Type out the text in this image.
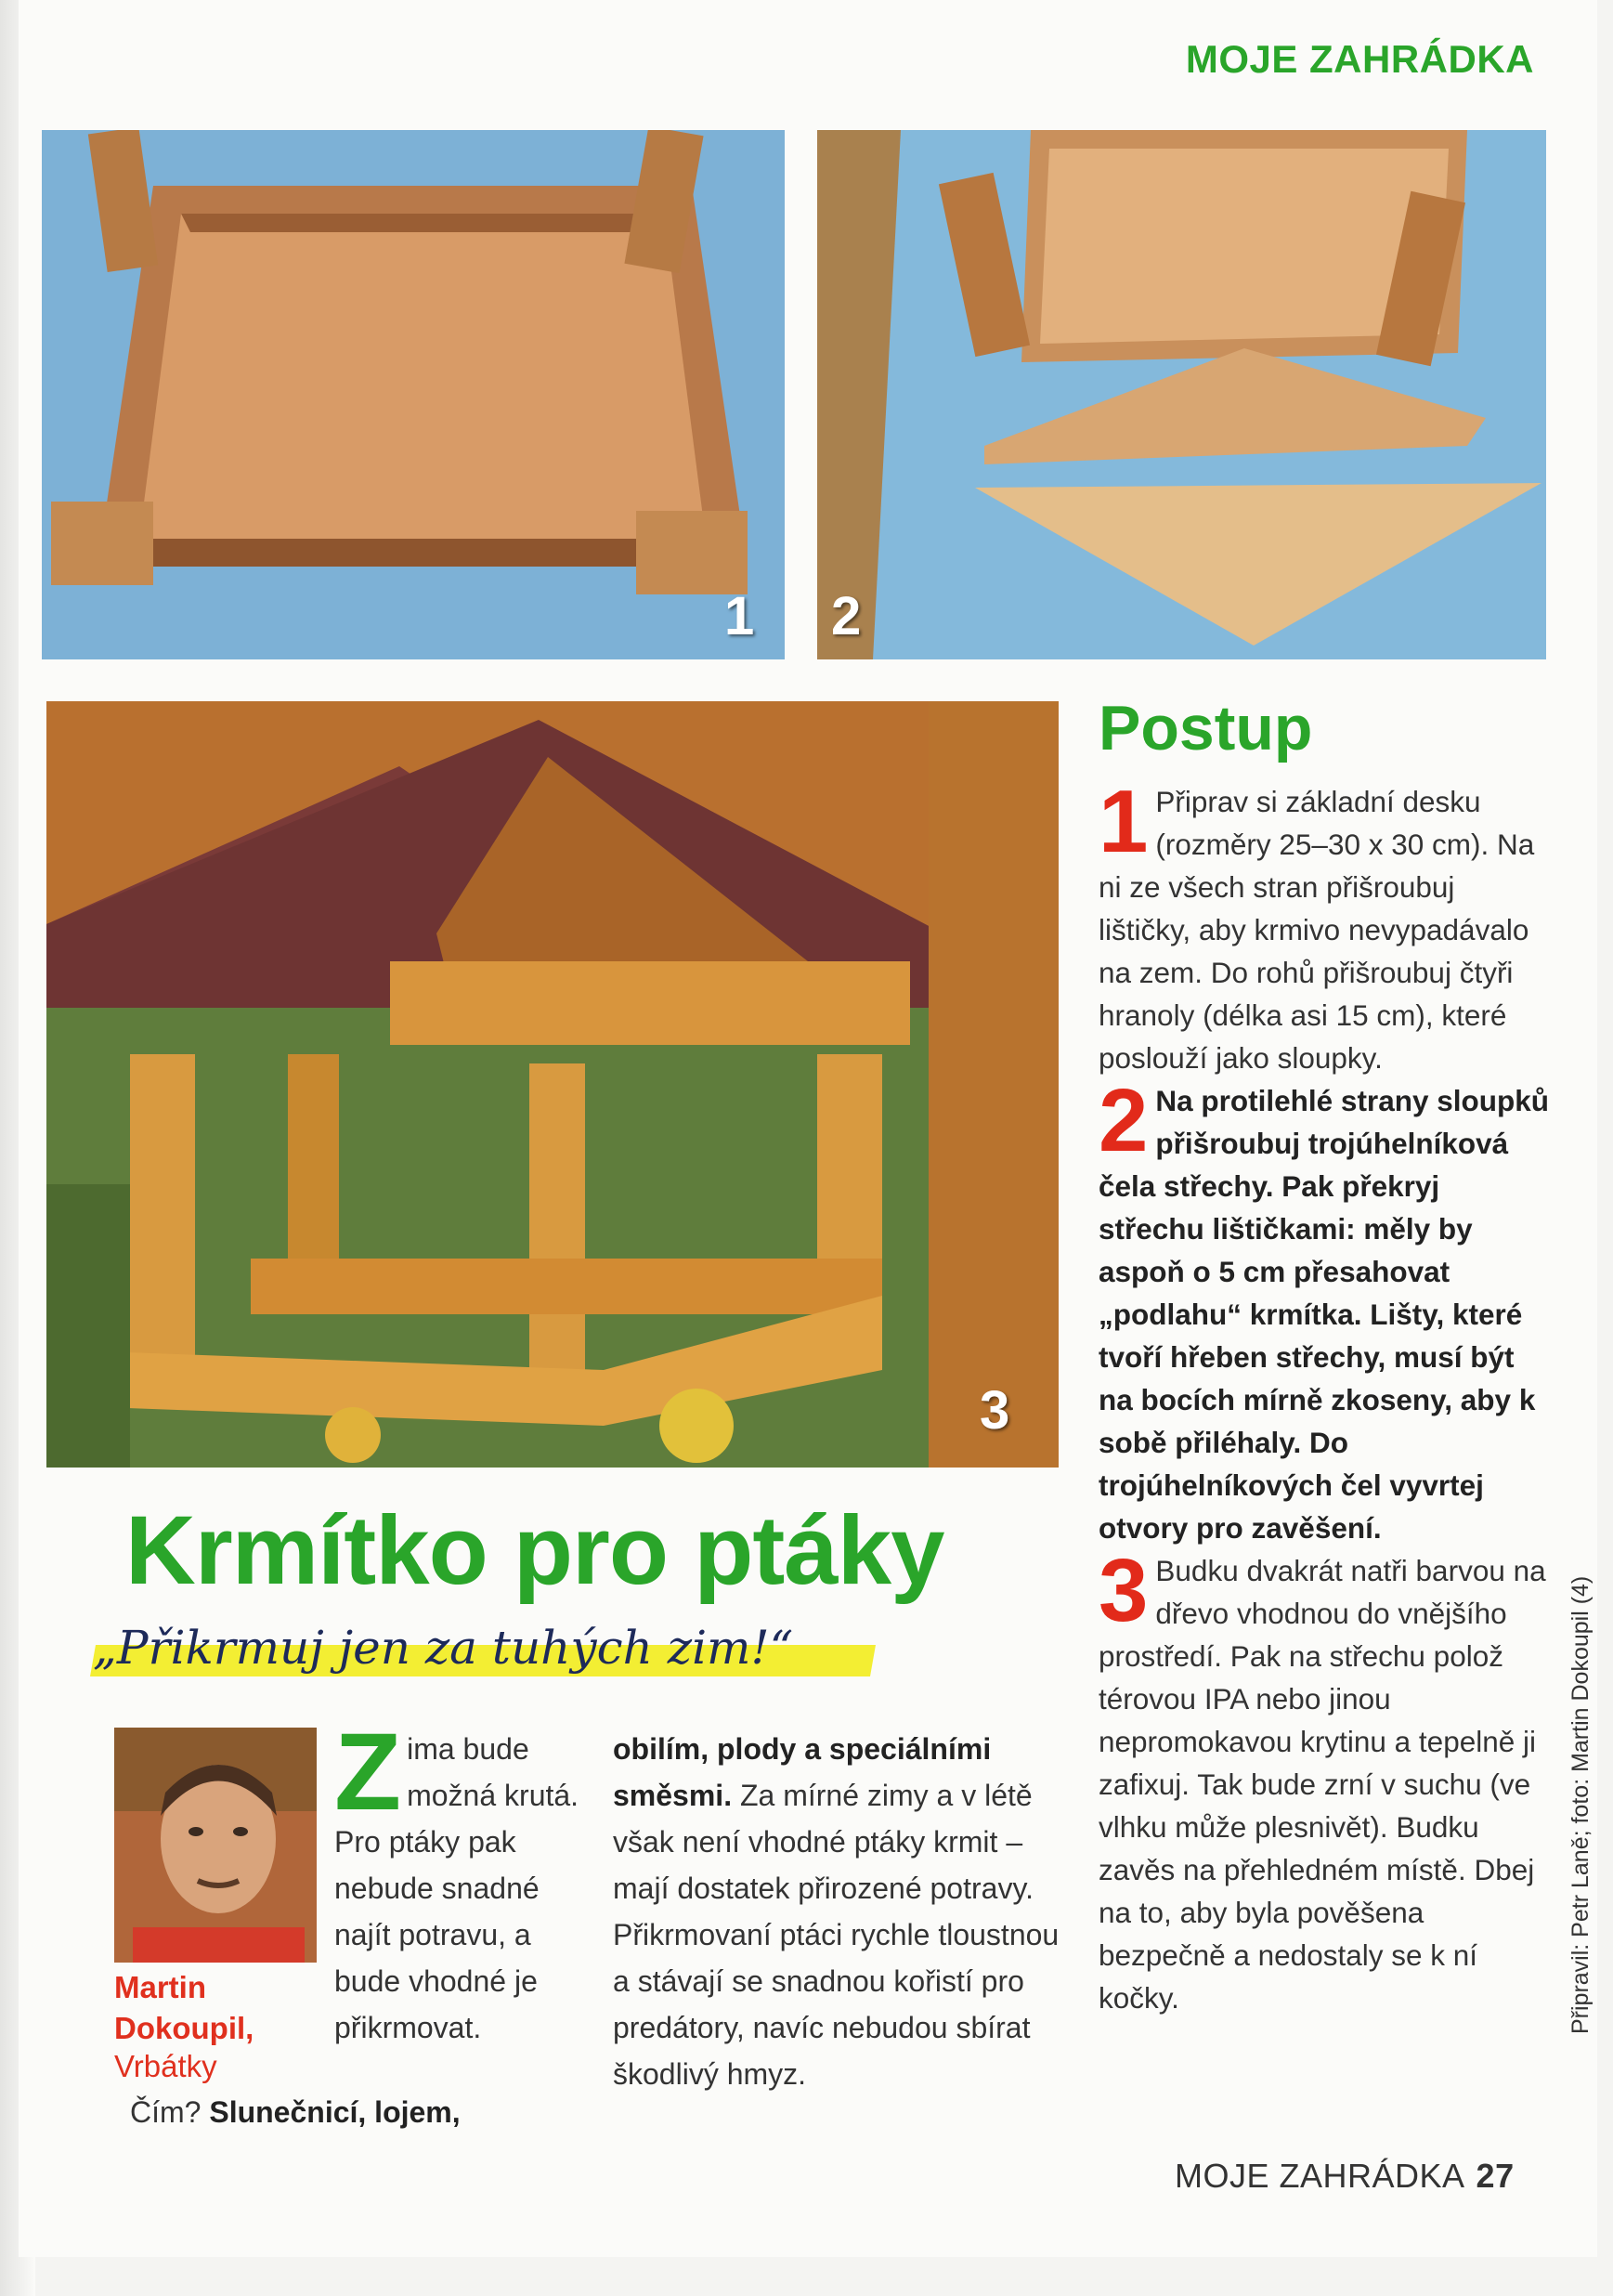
MOJE ZAHRÁDKA
1 2
3
Postup

1 Připrav si základní desku (rozměry 25–30 x 30 cm). Na ni ze všech stran přišroubuj lištičky, aby krmivo nevypadávalo na zem. Do rohů přišroubuj čtyři hranoly (délka asi 15 cm), které poslouží jako sloupky.

2 Na protilehlé strany sloupků přišroubuj trojúhelníková čela střechy. Pak překryj střechu lištičkami: měly by aspoň o 5 cm přesahovat „podlahu“ krmítka. Lišty, které tvoří hřeben střechy, musí být na bocích mírně zkoseny, aby k sobě přiléhaly. Do trojúhelníkových čel vyvrtej otvory pro zavěšení.

3 Budku dvakrát natři barvou na dřevo vhodnou do vnějšího prostředí. Pak na střechu polož térovou IPA nebo jinou nepromokavou krytinu a tepelně ji zafixuj. Tak bude zrní v suchu (ve vlhku může plesnivět). Budku zavěs na přehledném místě. Dbej na to, aby byla pověšena bezpečně a nedostaly se k ní kočky.	Připravil: Petr Laně; foto: Martin Dokoupil (4)
Krmítko pro ptáky
„Přikrmuj jen za tuhých zim!“
Martin
Dokoupil,
Vrbátky
Z ima bude možná krutá. Pro ptáky pak nebude snadné najít potravu, a bude vhodné je přikrmovat.
Čím? Slunečnicí, lojem,
obilím, plody a speciálními směsmi. Za mírné zimy a v létě však není vhodné ptáky krmit – mají dostatek přirozené potravy. Přikrmovaní ptáci rychle tloustnou a stávají se snadnou kořistí pro predátory, navíc nebudou sbírat škodlivý hmyz.
MOJE ZAHRÁDKA 27
